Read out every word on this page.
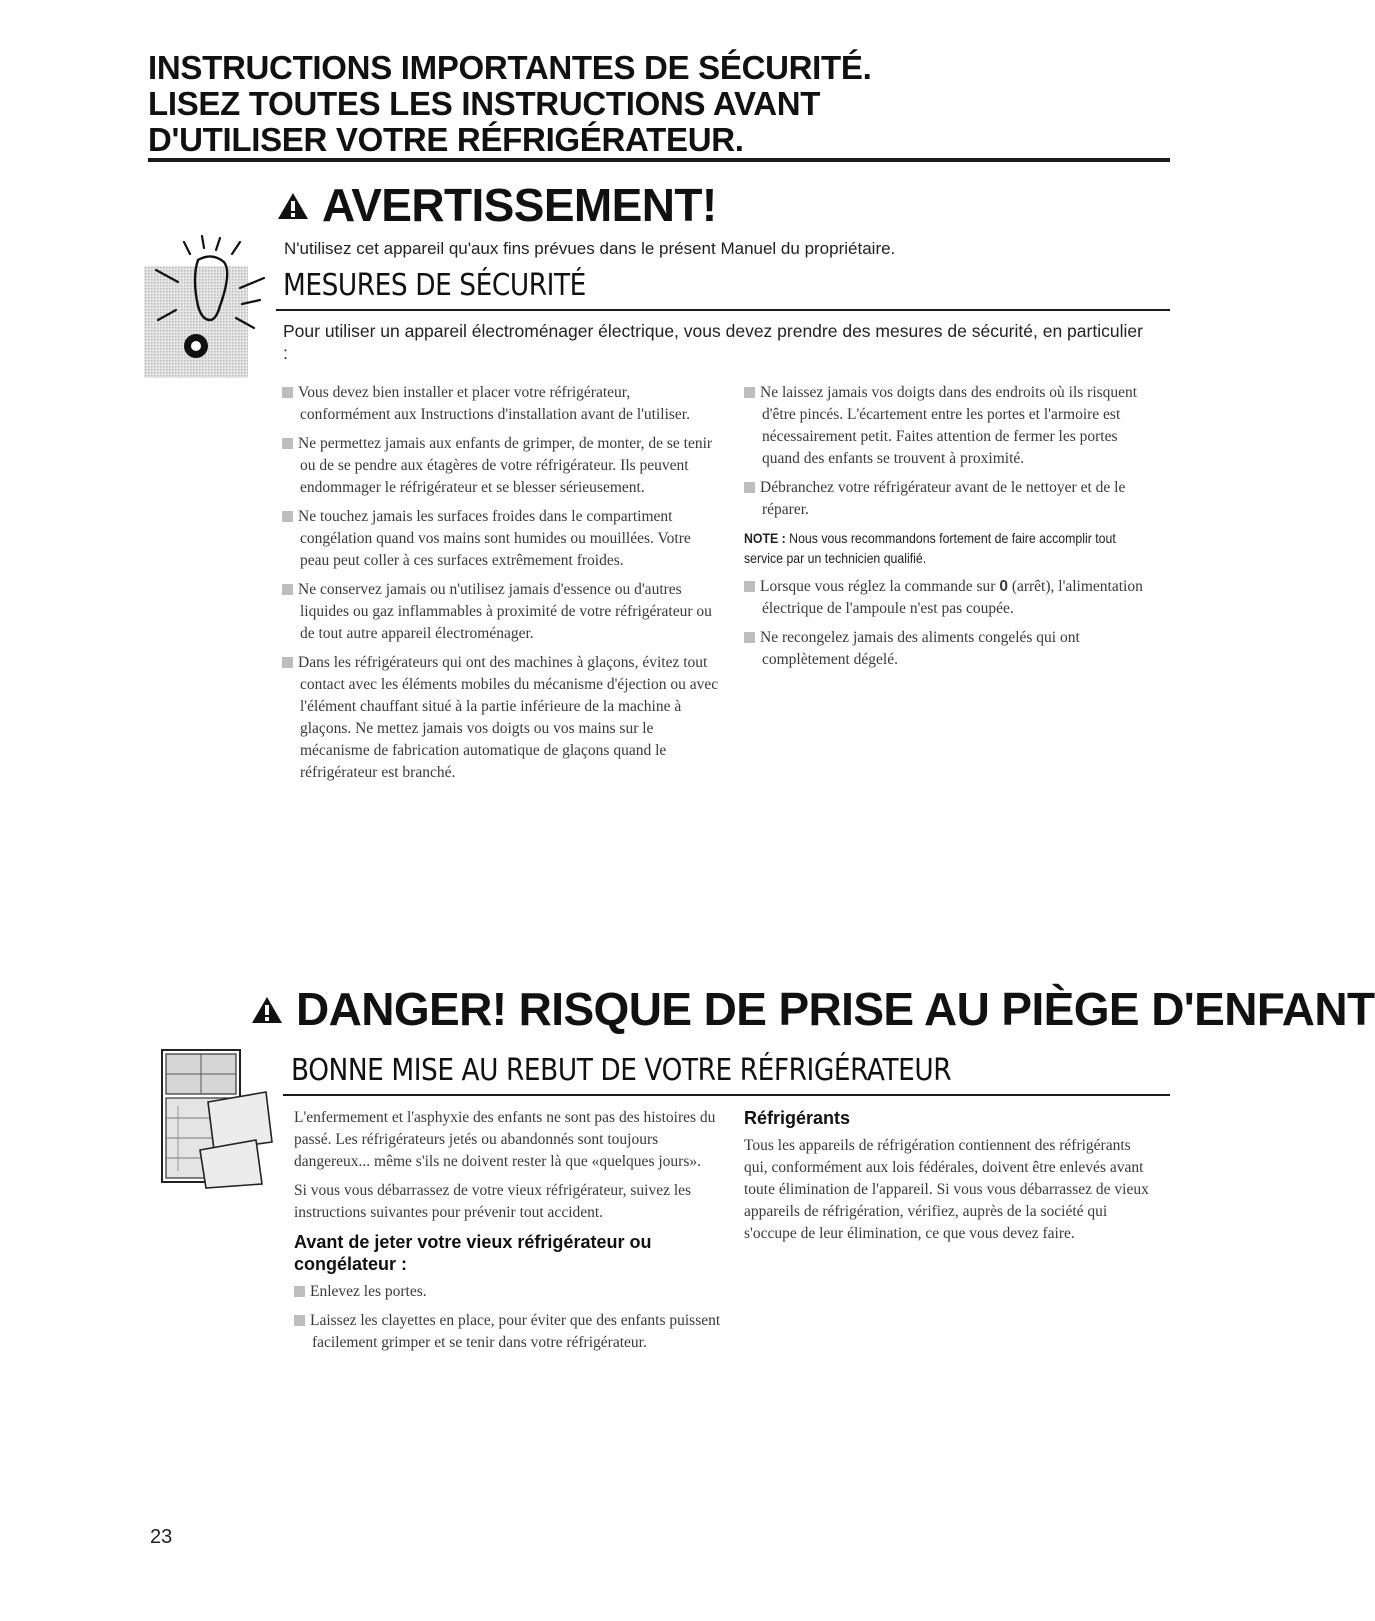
INSTRUCTIONS IMPORTANTES DE SÉCURITÉ.
LISEZ TOUTES LES INSTRUCTIONS AVANT
D'UTILISER VOTRE RÉFRIGÉRATEUR.
AVERTISSEMENT!
N'utilisez cet appareil qu'aux fins prévues dans le présent Manuel du propriétaire.
MESURES DE SÉCURITÉ
Pour utiliser un appareil électroménager électrique, vous devez prendre des mesures de sécurité, en particulier :

Vous devez bien installer et placer votre réfrigérateur, conformément aux Instructions d'installation avant de l'utiliser.

Ne permettez jamais aux enfants de grimper, de monter, de se tenir ou de se pendre aux étagères de votre réfrigérateur. Ils peuvent endommager le réfrigérateur et se blesser sérieusement.

Ne touchez jamais les surfaces froides dans le compartiment congélation quand vos mains sont humides ou mouillées. Votre peau peut coller à ces surfaces extrêmement froides.

Ne conservez jamais ou n'utilisez jamais d'essence ou d'autres liquides ou gaz inflammables à proximité de votre réfrigérateur ou de tout autre appareil électroménager.

Dans les réfrigérateurs qui ont des machines à glaçons, évitez tout contact avec les éléments mobiles du mécanisme d'éjection ou avec l'élément chauffant situé à la partie inférieure de la machine à glaçons. Ne mettez jamais vos doigts ou vos mains sur le mécanisme de fabrication automatique de glaçons quand le réfrigérateur est branché.

Ne laissez jamais vos doigts dans des endroits où ils risquent d'être pincés. L'écartement entre les portes et l'armoire est nécessairement petit. Faites attention de fermer les portes quand des enfants se trouvent à proximité.

Débranchez votre réfrigérateur avant de le nettoyer et de le réparer.

NOTE : Nous vous recommandons fortement de faire accomplir tout service par un technicien qualifié.

Lorsque vous réglez la commande sur 0 (arrêt), l'alimentation électrique de l'ampoule n'est pas coupée.

Ne recongelez jamais des aliments congelés qui ont complètement dégelé.

DANGER! RISQUE DE PRISE AU PIÈGE D'ENFANT
BONNE MISE AU REBUT DE VOTRE RÉFRIGÉRATEUR

L'enfermement et l'asphyxie des enfants ne sont pas des histoires du passé. Les réfrigérateurs jetés ou abandonnés sont toujours dangereux... même s'ils ne doivent rester là que «quelques jours».

Si vous vous débarrassez de votre vieux réfrigérateur, suivez les instructions suivantes pour prévenir tout accident.

Avant de jeter votre vieux réfrigérateur ou congélateur :

Enlevez les portes.

Laissez les clayettes en place, pour éviter que des enfants puissent facilement grimper et se tenir dans votre réfrigérateur.

Réfrigérants

Tous les appareils de réfrigération contiennent des réfrigérants qui, conformément aux lois fédérales, doivent être enlevés avant toute élimination de l'appareil. Si vous vous débarrassez de vieux appareils de réfrigération, vérifiez, auprès de la société qui s'occupe de leur élimination, ce que vous devez faire.

23
